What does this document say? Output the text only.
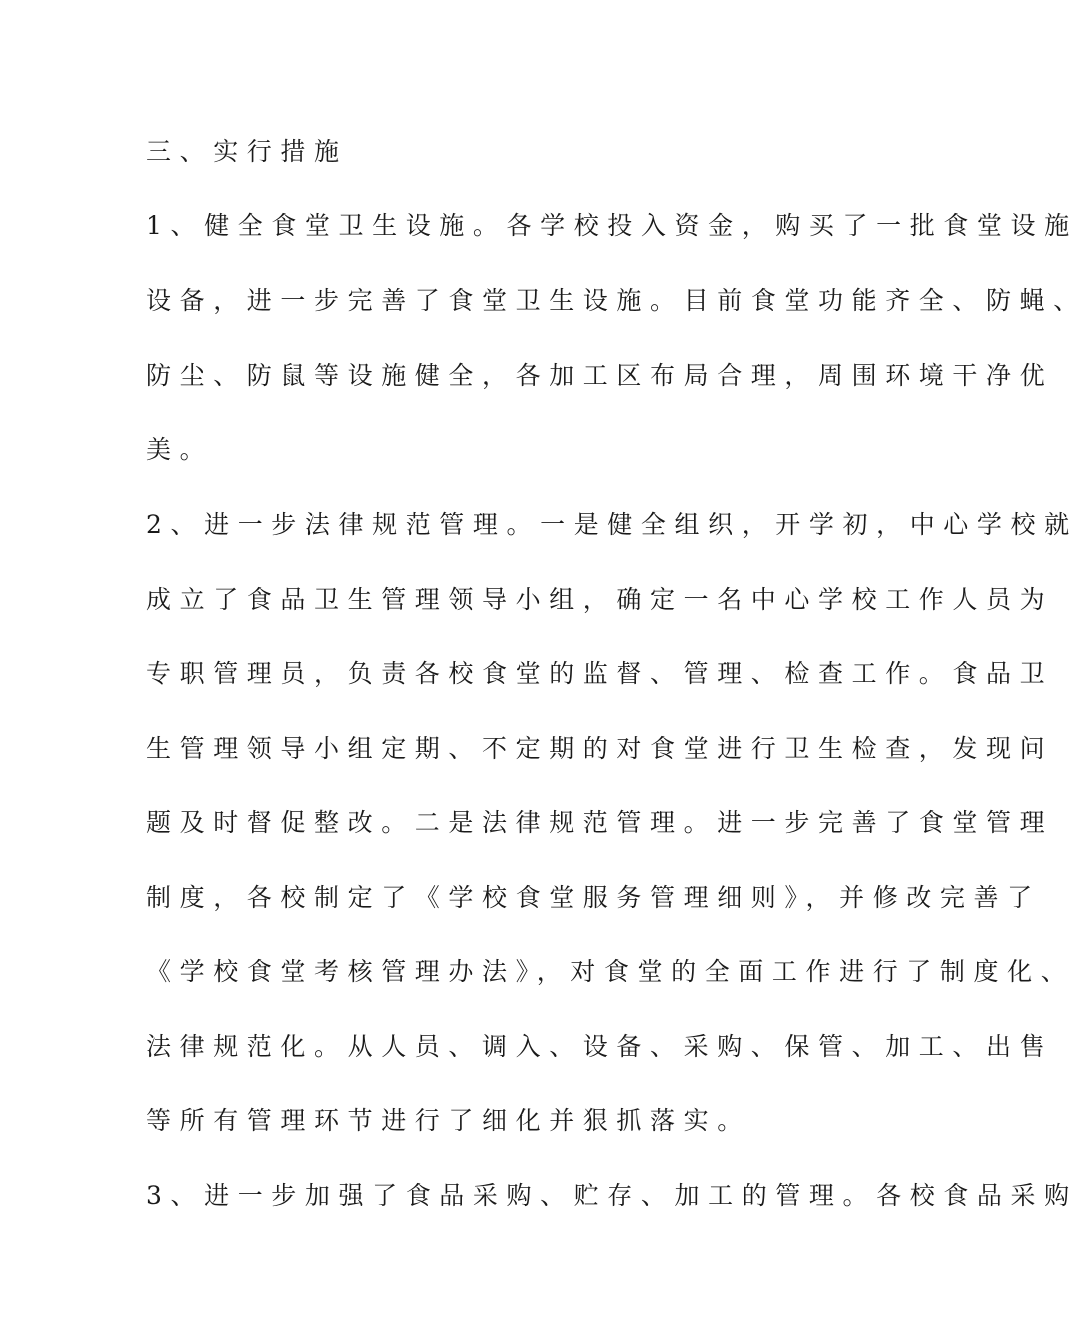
三、实行措施
1、健全食堂卫生设施。各学校投入资金，购买了一批食堂设施
设备，进一步完善了食堂卫生设施。目前食堂功能齐全、防蝇、
防尘、防鼠等设施健全，各加工区布局合理，周围环境干净优
美。
2、进一步法律规范管理。一是健全组织，开学初，中心学校就
成立了食品卫生管理领导小组，确定一名中心学校工作人员为
专职管理员，负责各校食堂的监督、管理、检查工作。食品卫
生管理领导小组定期、不定期的对食堂进行卫生检查，发现问
题及时督促整改。二是法律规范管理。进一步完善了食堂管理
制度，各校制定了《学校食堂服务管理细则》，并修改完善了
《学校食堂考核管理办法》，对食堂的全面工作进行了制度化、
法律规范化。从人员、调入、设备、采购、保管、加工、出售
等所有管理环节进行了细化并狠抓落实。
3、进一步加强了食品采购、贮存、加工的管理。各校食品采购
